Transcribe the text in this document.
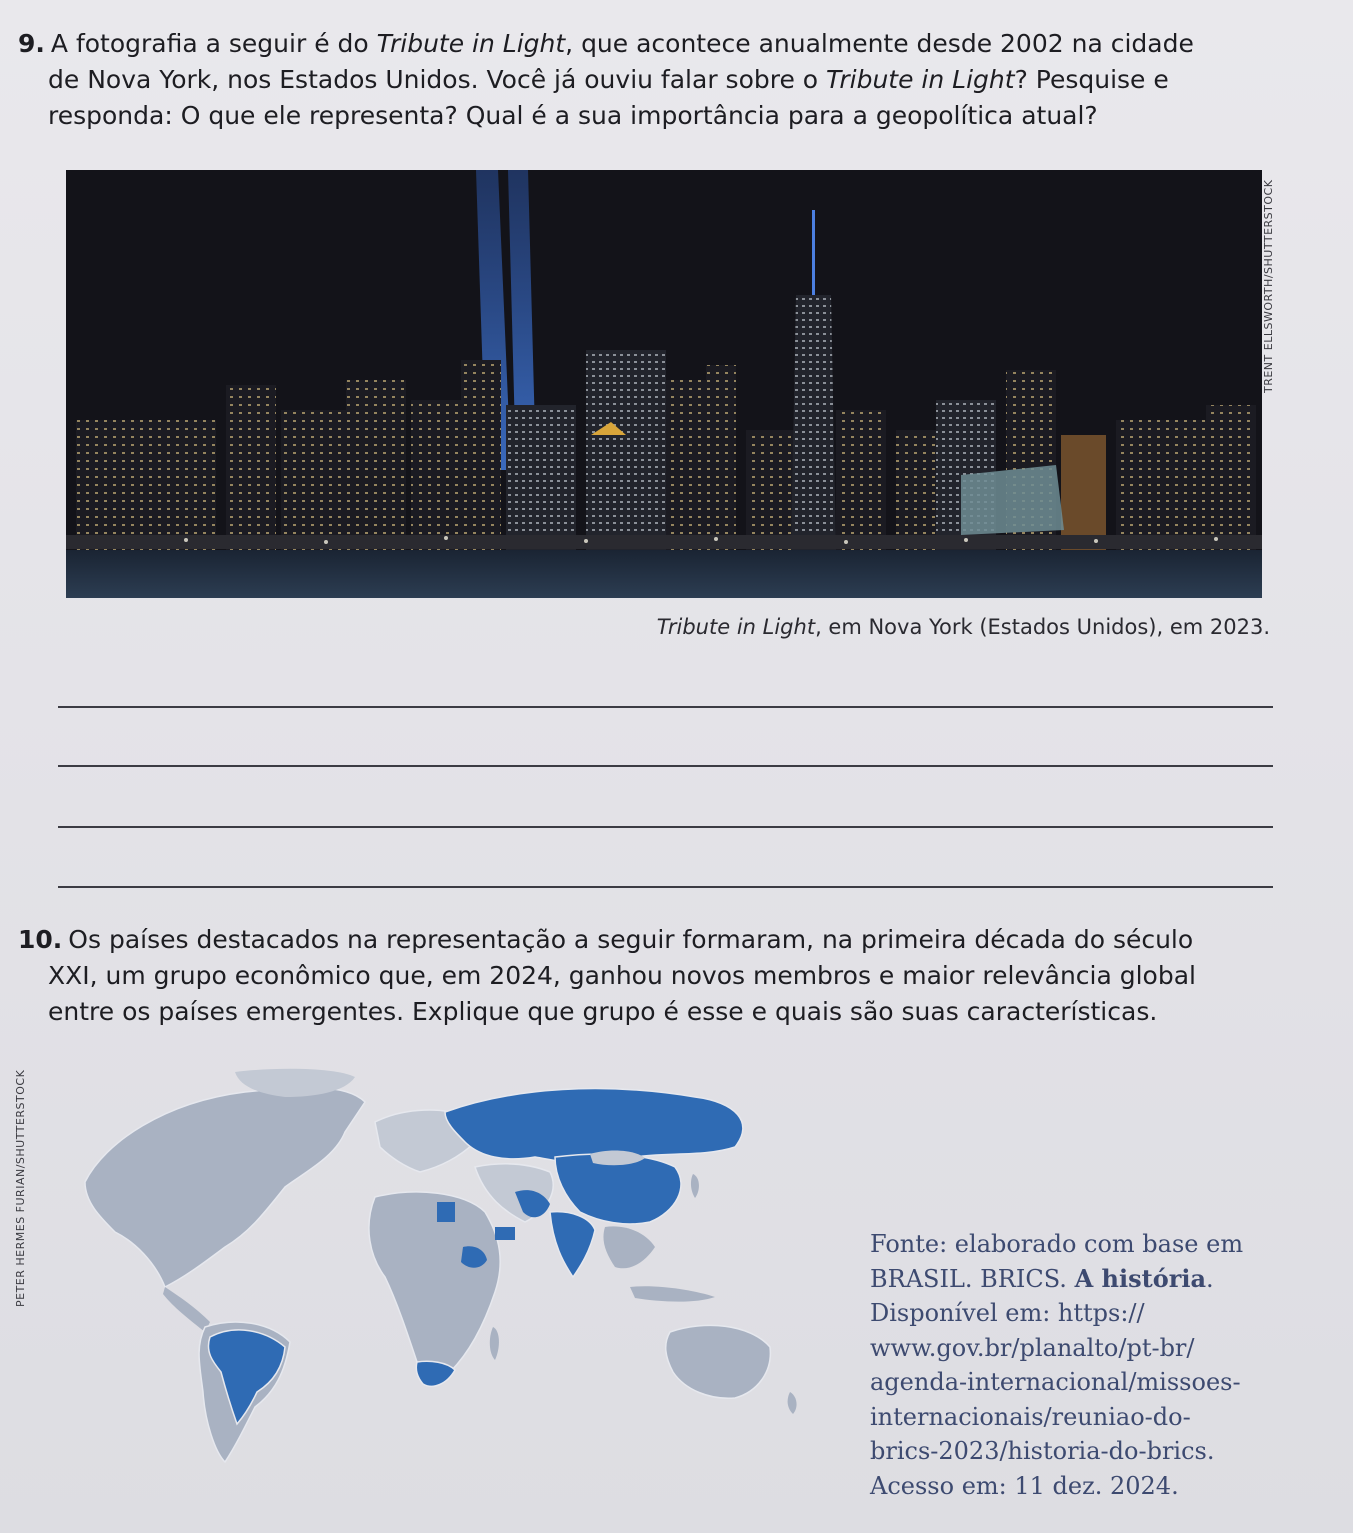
9. A fotografia a seguir é do Tribute in Light, que acontece anualmente desde 2002 na cidade
de Nova York, nos Estados Unidos. Você já ouviu falar sobre o Tribute in Light? Pesquise e
responda: O que ele representa? Qual é a sua importância para a geopolítica atual?
TRENT ELLSWORTH/SHUTTERSTOCK
Tribute in Light, em Nova York (Estados Unidos), em 2023.
10. Os países destacados na representação a seguir formaram, na primeira década do século
XXI, um grupo econômico que, em 2024, ganhou novos membros e maior relevância global
entre os países emergentes. Explique que grupo é esse e quais são suas características.
PETER HERMES FURIAN/SHUTTERSTOCK	Fonte: elaborado com base em
BRASIL. BRICS. A história.
Disponível em: https://
www.gov.br/planalto/pt-br/
agenda-internacional/missoes-
internacionais/reuniao-do-
brics-2023/historia-do-brics.
Acesso em: 11 dez. 2024.
